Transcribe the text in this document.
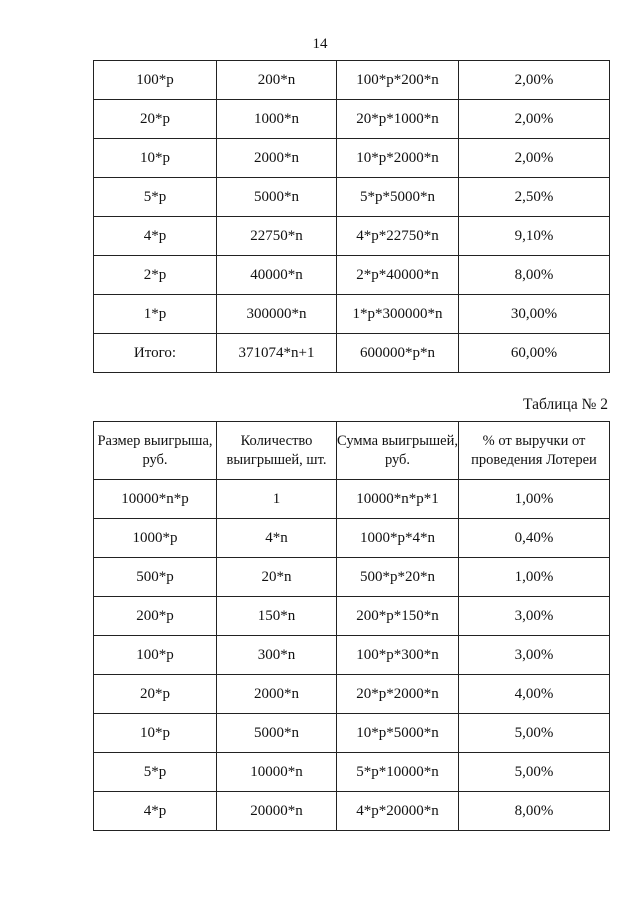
14
100*р	200*n	100*р*200*n	2,00%
20*р	1000*n	20*р*1000*n	2,00%
10*р	2000*n	10*р*2000*n	2,00%
5*р	5000*n	5*р*5000*n	2,50%
4*р	22750*n	4*р*22750*n	9,10%
2*р	40000*n	2*р*40000*n	8,00%
1*р	300000*n	1*р*300000*n	30,00%
Итого:	371074*n+1	600000*р*n	60,00%
Таблица № 2
Размер выигрыша, руб.	Количество выигрышей, шт.	Сумма выигрышей, руб.	% от выручки от проведения Лотереи
10000*n*р	1	10000*n*р*1	1,00%
1000*р	4*n	1000*р*4*n	0,40%
500*р	20*n	500*р*20*n	1,00%
200*р	150*n	200*р*150*n	3,00%
100*р	300*n	100*р*300*n	3,00%
20*р	2000*n	20*р*2000*n	4,00%
10*р	5000*n	10*р*5000*n	5,00%
5*р	10000*n	5*р*10000*n	5,00%
4*р	20000*n	4*р*20000*n	8,00%
